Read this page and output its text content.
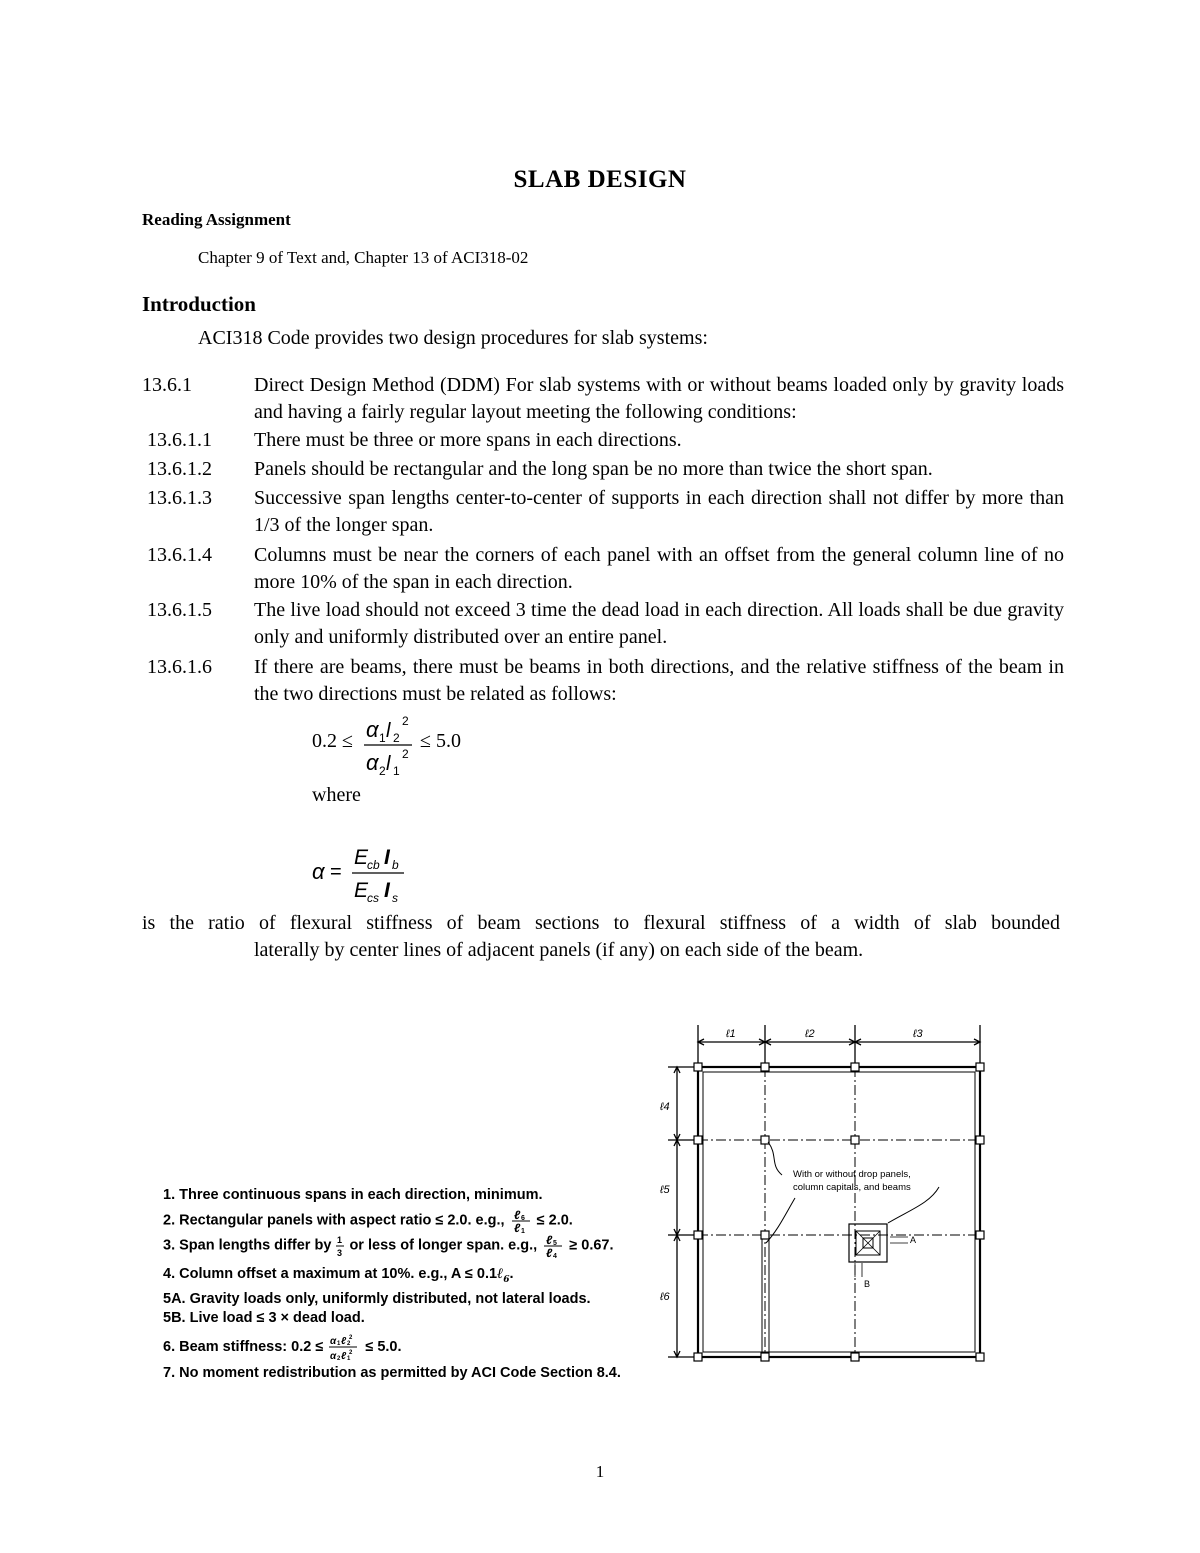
SLAB DESIGN
Reading Assignment
Chapter 9 of Text and, Chapter 13 of ACI318-02
Introduction
ACI318 Code provides two design procedures for slab systems:
13.6.1	Direct Design Method (DDM) For slab systems with or without beams loaded only by gravity loads and having a fairly regular layout meeting the following conditions:
13.6.1.1 There must be three or more spans in each directions.
13.6.1.2 Panels should be rectangular and the long span be no more than twice the short span.
13.6.1.3 Successive span lengths center-to-center of supports in each direction shall not differ by more than 1/3 of the longer span.
13.6.1.4 Columns must be near the corners of each panel with an offset from the general column line of no more 10% of the span in each direction.
13.6.1.5 The live load should not exceed 3 time the dead load in each direction. All loads shall be due gravity only and uniformly distributed over an entire panel.
13.6.1.6 If there are beams, there must be beams in both directions, and the relative stiffness of the beam in the two directions must be related as follows:
0.2 ≤	≤ 5.0
α 1 l 2
2
α 2 l 1
2
where
α =
E
cb I b
E
cs I s
is the ratio of flexural stiffness of beam sections to flexural stiffness of a width of slab bounded
laterally by center lines of adjacent panels (if any) on each side of the beam.
1. Three continuous spans in each direction, minimum.
2. Rectangular panels with aspect ratio ≤ 2.0. e.g., ℓ 6
ℓ 1
≤ 2.0.
3. Span lengths differ by 1
3 or less of longer span. e.g., ℓ 5
ℓ 4
≥ 0.67.
4. Column offset a maximum at 10%. e.g., A ≤ 0.1ℓ$_6$.
5A. Gravity loads only, uniformly distributed, not lateral loads.
5B. Live load ≤ 3 × dead load.
6. Beam stiffness: 0.2 ≤ α 1 ℓ 2
2
α 2 ℓ 1
2 ≤ 5.0.
7. No moment redistribution as permitted by ACI Code Section 8.4.
ℓ1	ℓ2	ℓ3
ℓ4
ℓ5
ℓ6
With or without drop panels,
column capitals, and beams
A
B
1
